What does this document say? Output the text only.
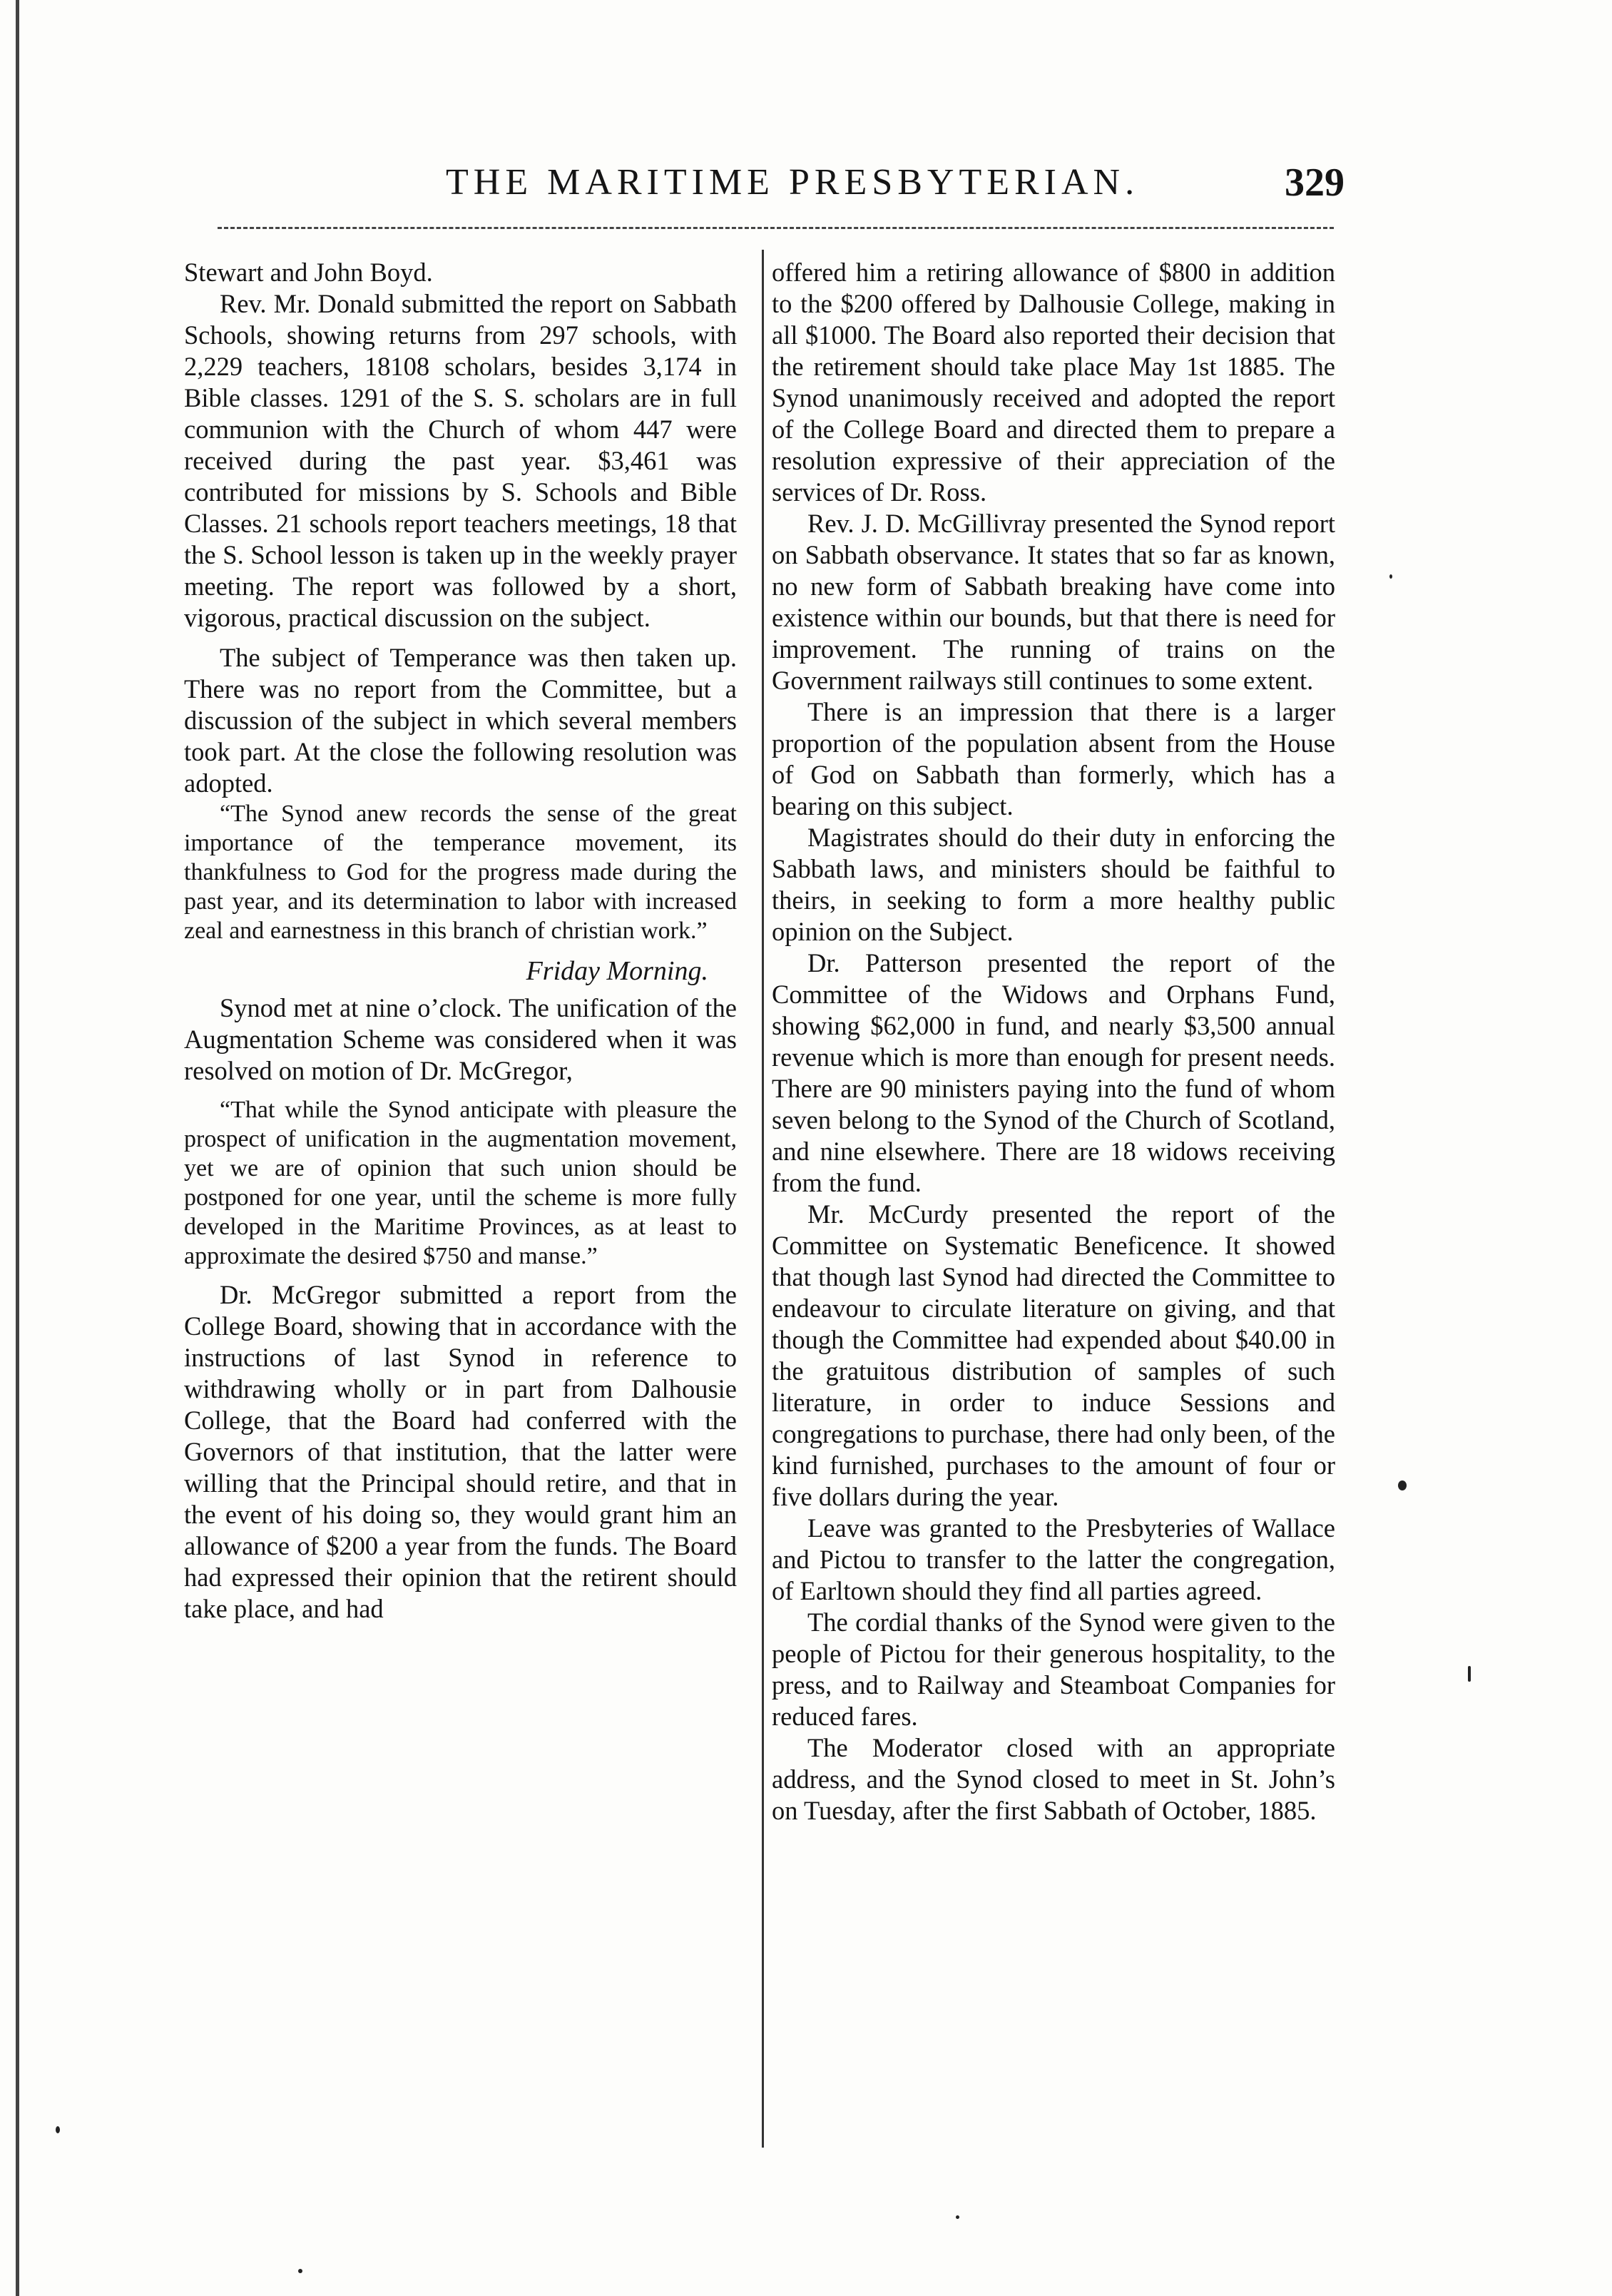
THE MARITIME PRESBYTERIAN.	329

Stewart and John Boyd.

Rev. Mr. Donald submitted the report on Sabbath Schools, showing returns from 297 schools, with 2,229 teachers, 18108 scholars, besides 3,174 in Bible classes. 1291 of the S. S. scholars are in full communion with the Church of whom 447 were received during the past year. $3,461 was contributed for missions by S. Schools and Bible Classes. 21 schools report teachers meetings, 18 that the S. School lesson is taken up in the weekly prayer meeting. The report was followed by a short, vigorous, practical discussion on the subject.

The subject of Temperance was then taken up. There was no report from the Committee, but a discussion of the subject in which several members took part. At the close the following resolution was adopted.

“The Synod anew records the sense of the great importance of the temperance movement, its thankfulness to God for the progress made during the past year, and its determination to labor with increased zeal and earnestness in this branch of christian work.”

Friday Morning.

Synod met at nine o’clock. The unification of the Augmentation Scheme was considered when it was resolved on motion of Dr. McGregor,

“That while the Synod anticipate with pleasure the prospect of unification in the augmentation movement, yet we are of opinion that such union should be postponed for one year, until the scheme is more fully developed in the Maritime Provinces, as at least to approximate the desired $750 and manse.”

Dr. McGregor submitted a report from the College Board, showing that in accordance with the instructions of last Synod in reference to withdrawing wholly or in part from Dalhousie College, that the Board had conferred with the Governors of that institution, that the latter were willing that the Principal should retire, and that in the event of his doing so, they would grant him an allowance of $200 a year from the funds. The Board had expressed their opinion that the retirent should take place, and had

offered him a retiring allowance of $800 in addition to the $200 offered by Dalhousie College, making in all $1000. The Board also reported their decision that the retirement should take place May 1st 1885. The Synod unanimously received and adopted the report of the College Board and directed them to prepare a resolution expressive of their appreciation of the services of Dr. Ross.

Rev. J. D. McGillivray presented the Synod report on Sabbath observance. It states that so far as known, no new form of Sabbath breaking have come into existence within our bounds, but that there is need for improvement. The running of trains on the Government railways still continues to some extent.

There is an impression that there is a larger proportion of the population absent from the House of God on Sabbath than formerly, which has a bearing on this subject.

Magistrates should do their duty in enforcing the Sabbath laws, and ministers should be faithful to theirs, in seeking to form a more healthy public opinion on the Subject.

Dr. Patterson presented the report of the Committee of the Widows and Orphans Fund, showing $62,000 in fund, and nearly $3,500 annual revenue which is more than enough for present needs. There are 90 ministers paying into the fund of whom seven belong to the Synod of the Church of Scotland, and nine elsewhere. There are 18 widows receiving from the fund.

Mr. McCurdy presented the report of the Committee on Systematic Beneficence. It showed that though last Synod had directed the Committee to endeavour to circulate literature on giving, and that though the Committee had expended about $40.00 in the gratuitous distribution of samples of such literature, in order to induce Sessions and congregations to purchase, there had only been, of the kind furnished, purchases to the amount of four or five dollars during the year.

Leave was granted to the Presbyteries of Wallace and Pictou to transfer to the latter the congregation, of Earltown should they find all parties agreed.

The cordial thanks of the Synod were given to the people of Pictou for their generous hospitality, to the press, and to Railway and Steamboat Companies for reduced fares.

The Moderator closed with an appropriate address, and the Synod closed to meet in St. John’s on Tuesday, after the first Sabbath of October, 1885.
